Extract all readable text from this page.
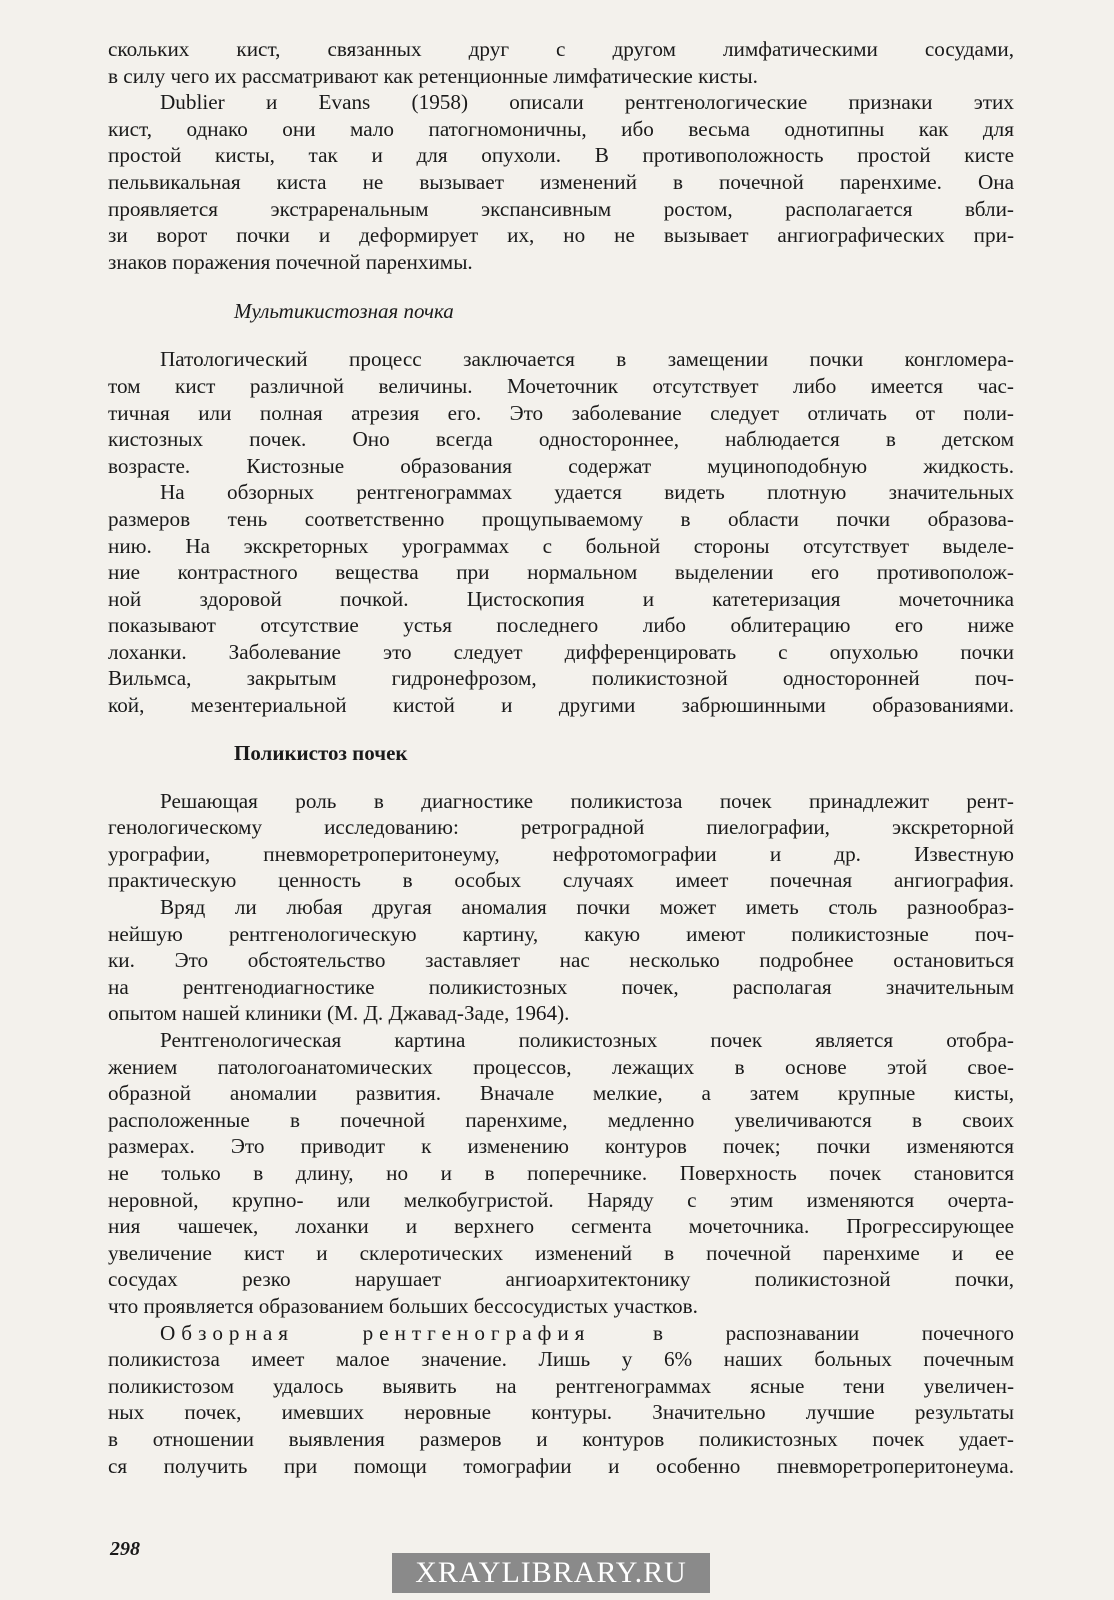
скольких кист, связанных друг с другом лимфатическими сосудами,
в силу чего их рассматривают как ретенционные лимфатические кисты.
Dublier и Evans (1958) описали рентгенологические признаки этих
кист, однако они мало патогномоничны, ибо весьма однотипны как для
простой кисты, так и для опухоли. В противоположность простой кисте
пельвикальная киста не вызывает изменений в почечной паренхиме. Она
проявляется экстраренальным экспансивным ростом, располагается вбли-
зи ворот почки и деформирует их, но не вызывает ангиографических при-
знаков поражения почечной паренхимы.
Мультикистозная почка
Патологический процесс заключается в замещении почки конгломера-
том кист различной величины. Мочеточник отсутствует либо имеется час-
тичная или полная атрезия его. Это заболевание следует отличать от поли-
кистозных почек. Оно всегда одностороннее, наблюдается в детском
возрасте. Кистозные образования содержат муциноподобную жидкость.
На обзорных рентгенограммах удается видеть плотную значительных
размеров тень соответственно прощупываемому в области почки образова-
нию. На экскреторных урограммах с больной стороны отсутствует выделе-
ние контрастного вещества при нормальном выделении его противополож-
ной здоровой почкой. Цистоскопия и катетеризация мочеточника
показывают отсутствие устья последнего либо облитерацию его ниже
лоханки. Заболевание это следует дифференцировать с опухолью почки
Вильмса, закрытым гидронефрозом, поликистозной односторонней поч-
кой, мезентериальной кистой и другими забрюшинными образованиями.
Поликистоз почек
Решающая роль в диагностике поликистоза почек принадлежит рент-
генологическому исследованию: ретроградной пиелографии, экскреторной
урографии, пневморетроперитонеуму, нефротомографии и др. Известную
практическую ценность в особых случаях имеет почечная ангиография.
Вряд ли любая другая аномалия почки может иметь столь разнообраз-
нейшую рентгенологическую картину, какую имеют поликистозные поч-
ки. Это обстоятельство заставляет нас несколько подробнее остановиться
на рентгенодиагностике поликистозных почек, располагая значительным
опытом нашей клиники (М. Д. Джавад-Заде, 1964).
Рентгенологическая картина поликистозных почек является отобра-
жением патологоанатомических процессов, лежащих в основе этой свое-
образной аномалии развития. Вначале мелкие, а затем крупные кисты,
расположенные в почечной паренхиме, медленно увеличиваются в своих
размерах. Это приводит к изменению контуров почек; почки изменяются
не только в длину, но и в поперечнике. Поверхность почек становится
неровной, крупно- или мелкобугристой. Наряду с этим изменяются очерта-
ния чашечек, лоханки и верхнего сегмента мочеточника. Прогрессирующее
увеличение кист и склеротических изменений в почечной паренхиме и ее
сосудах резко нарушает ангиоархитектонику поликистозной почки,
что проявляется образованием больших бессосудистых участков.
Обзорная рентгенография в распознавании почечного
поликистоза имеет малое значение. Лишь у 6% наших больных почечным
поликистозом удалось выявить на рентгенограммах ясные тени увеличен-
ных почек, имевших неровные контуры. Значительно лучшие результаты
в отношении выявления размеров и контуров поликистозных почек удает-
ся получить при помощи томографии и особенно пневморетроперитонеума.
298
XRAYLIBRARY.RU
